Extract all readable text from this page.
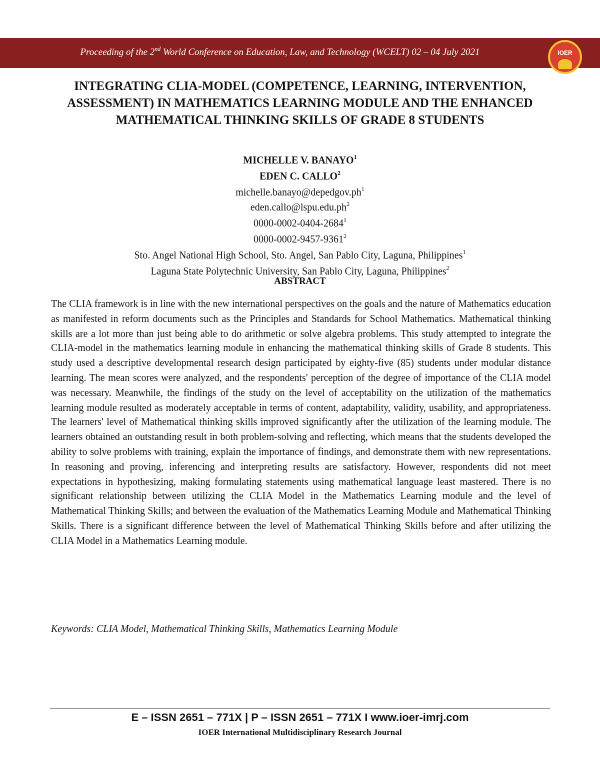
Proceeding of the 2nd World Conference on Education, Law, and Technology (WCELT) 02 – 04 July 2021	IOER
INTEGRATING CLIA-MODEL (COMPETENCE, LEARNING, INTERVENTION,
ASSESSMENT) IN MATHEMATICS LEARNING MODULE AND THE ENHANCED
MATHEMATICAL THINKING SKILLS OF GRADE 8 STUDENTS
MICHELLE V. BANAYO$^1$
EDEN C. CALLO$^2$
$michelle.banayo@depedgov.ph^1$
$eden.callo@lspu.edu.ph^2$
0000-0002-0404-2684$^1$
0000-0002-9457-9361$^2$
Sto. Angel National High School, Sto. Angel, San Pablo City, Laguna, Philippines$^1$
Laguna State Polytechnic University, San Pablo City, Laguna, Philippines$^2$
ABSTRACT
The CLIA framework is in line with the new international perspectives on the goals and the nature of Mathematics education as manifested in reform documents such as the Principles and Standards for School Mathematics. Mathematical thinking skills are a lot more than just being able to do arithmetic or solve algebra problems. This study attempted to integrate the CLIA-model in the mathematics learning module in enhancing the mathematical thinking skills of Grade 8 students. This study used a descriptive developmental research design participated by eighty-five (85) students under modular distance learning. The mean scores were analyzed, and the respondents' perception of the degree of importance of the CLIA model was necessary. Meanwhile, the findings of the study on the level of acceptability on the utilization of the mathematics learning module resulted as moderately acceptable in terms of content, adaptability, validity, usability, and appropriateness. The learners' level of Mathematical thinking skills improved significantly after the utilization of the learning module. The learners obtained an outstanding result in both problem-solving and reflecting, which means that the students developed the ability to solve problems with training, explain the importance of findings, and demonstrate them with new representations. In reasoning and proving, inferencing and interpreting results are satisfactory. However, respondents did not meet expectations in hypothesizing, making formulating statements using mathematical language least mastered. There is no significant relationship between utilizing the CLIA Model in the Mathematics Learning module and the level of Mathematical Thinking Skills; and between the evaluation of the Mathematics Learning Module and Mathematical Thinking Skills. There is a significant difference between the level of Mathematical Thinking Skills before and after utilizing the CLIA Model in a Mathematics Learning module.
Keywords: CLIA Model, Mathematical Thinking Skills, Mathematics Learning Module
E – ISSN 2651 – 771X | P – ISSN 2651 – 771X I www.ioer-imrj.com
IOER International Multidisciplinary Research Journal
